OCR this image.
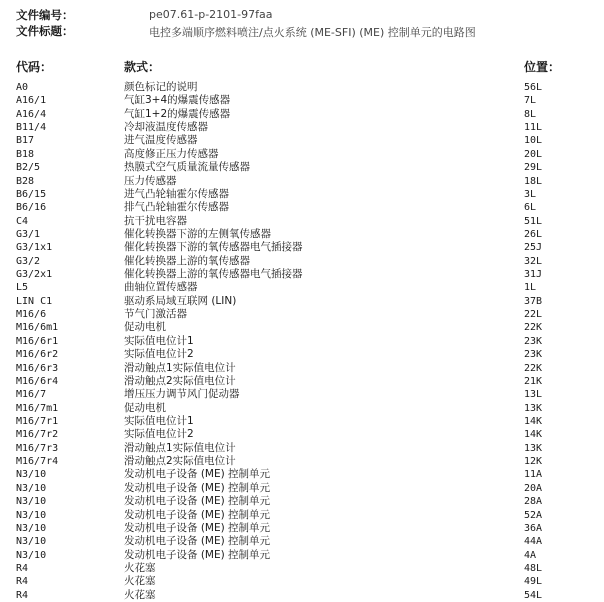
文件编号：	pe07.61-p-2101-97faa
文件标题：	电控多端顺序燃料喷注/点火系统 (ME-SFI) (ME) 控制单元的电路图
代码：	款式：	位置：
A0	颜色标记的说明	56L
A16/1	气缸3+4的爆震传感器	7L
A16/4	气缸1+2的爆震传感器	8L
B11/4	冷却液温度传感器	11L
B17	进气温度传感器	10L
B18	高度修正压力传感器	20L
B2/5	热膜式空气质量流量传感器	29L
B28	压力传感器	18L
B6/15	进气凸轮轴霍尔传感器	3L
B6/16	排气凸轮轴霍尔传感器	6L
C4	抗干扰电容器	51L
G3/1	催化转换器下游的左侧氧传感器	26L
G3/1x1	催化转换器下游的氧传感器电气插接器	25J
G3/2	催化转换器上游的氧传感器	32L
G3/2x1	催化转换器上游的氧传感器电气插接器	31J
L5	曲轴位置传感器	1L
LIN C1	驱动系局域互联网 (LIN)	37B
M16/6	节气门激活器	22L
M16/6m1	促动电机	22K
M16/6r1	实际值电位计1	23K
M16/6r2	实际值电位计2	23K
M16/6r3	滑动触点1实际值电位计	22K
M16/6r4	滑动触点2实际值电位计	21K
M16/7	增压压力调节风门促动器	13L
M16/7m1	促动电机	13K
M16/7r1	实际值电位计1	14K
M16/7r2	实际值电位计2	14K
M16/7r3	滑动触点1实际值电位计	13K
M16/7r4	滑动触点2实际值电位计	12K
N3/10	发动机电子设备 (ME) 控制单元	11A
N3/10	发动机电子设备 (ME) 控制单元	20A
N3/10	发动机电子设备 (ME) 控制单元	28A
N3/10	发动机电子设备 (ME) 控制单元	52A
N3/10	发动机电子设备 (ME) 控制单元	36A
N3/10	发动机电子设备 (ME) 控制单元	44A
N3/10	发动机电子设备 (ME) 控制单元	4A
R4	火花塞	48L
R4	火花塞	49L
R4	火花塞	54L
